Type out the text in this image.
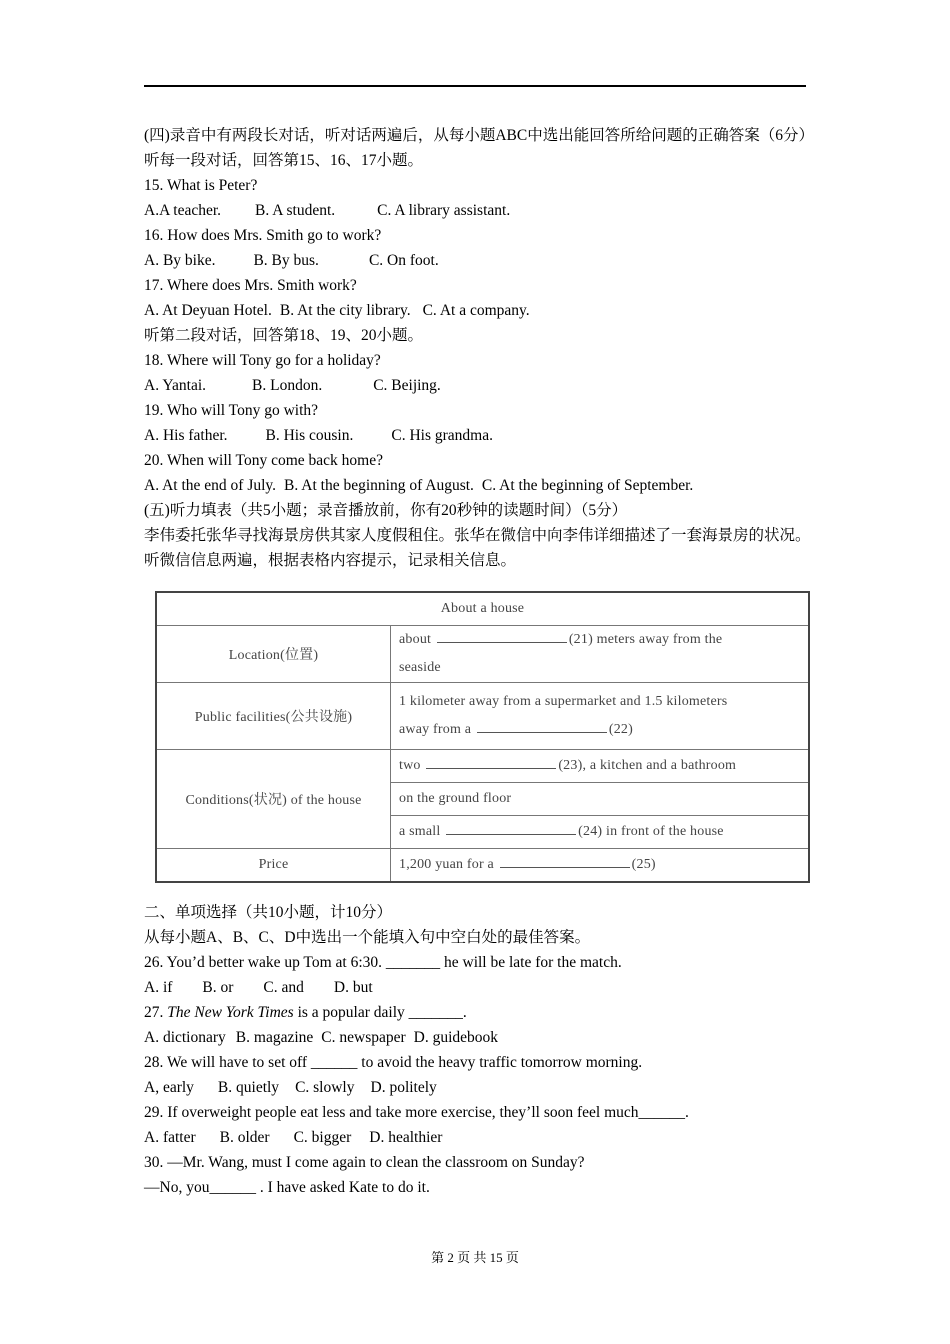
(四)录音中有两段长对话，听对话两遍后，从每小题ABC中选出能回答所给问题的正确答案（6分）
听每一段对话，回答第15、16、17小题。
15. What is Peter?
A.A teacher. B. A student.	C. A library assistant.
16. How does Mrs. Smith go to work?
A. By bike. B. By bus.	C. On foot.
17. Where does Mrs. Smith work?
A. At Deyuan Hotel. B. At the city library. C. At a company.
听第二段对话，回答第18、19、20小题。
18. Where will Tony go for a holiday?
A. Yantai.	B. London.	C. Beijing.
19. Who will Tony go with?
A. His father. B. His cousin. C. His grandma.
20. When will Tony come back home?
A. At the end of July. B. At the beginning of August. C. At the beginning of September.
(五)听力填表（共5小题；录音播放前，你有20秒钟的读题时间）（5分）
李伟委托张华寻找海景房供其家人度假租住。张华在微信中向李伟详细描述了一套海景房的状况。听微信信息两遍，根据表格内容提示，记录相关信息。
About a house	
Location(位置)	about (21) meters away from the
seaside
Public facilities(公共设施)	1 kilometer away from a supermarket and 1.5 kilometers
away from a (22)
Conditions(状况) of the house	two (23), a kitchen and a bathroom
	on the ground floor
	a small (24) in front of the house
Price	1,200 yuan for a (25)
二、单项选择（共10小题，计10分）
从每小题A、B、C、D中选出一个能填入句中空白处的最佳答案。
26. You’d better wake up Tom at 6:30. _______ he will be late for the match.
A. if B. or C. and D. but
27. The New York Times is a popular daily _______.
A. dictionary B. magazine C. newspaper D. guidebook
28. We will have to set off ______ to avoid the heavy traffic tomorrow morning.
A, early B. quietly C. slowly D. politely
29. If overweight people eat less and take more exercise, they’ll soon feel much______.
A. fatter B. older C. bigger D. healthier
30. —Mr. Wang, must I come again to clean the classroom on Sunday?
—No, you______ . I have asked Kate to do it.
第 2 页 共 15 页
